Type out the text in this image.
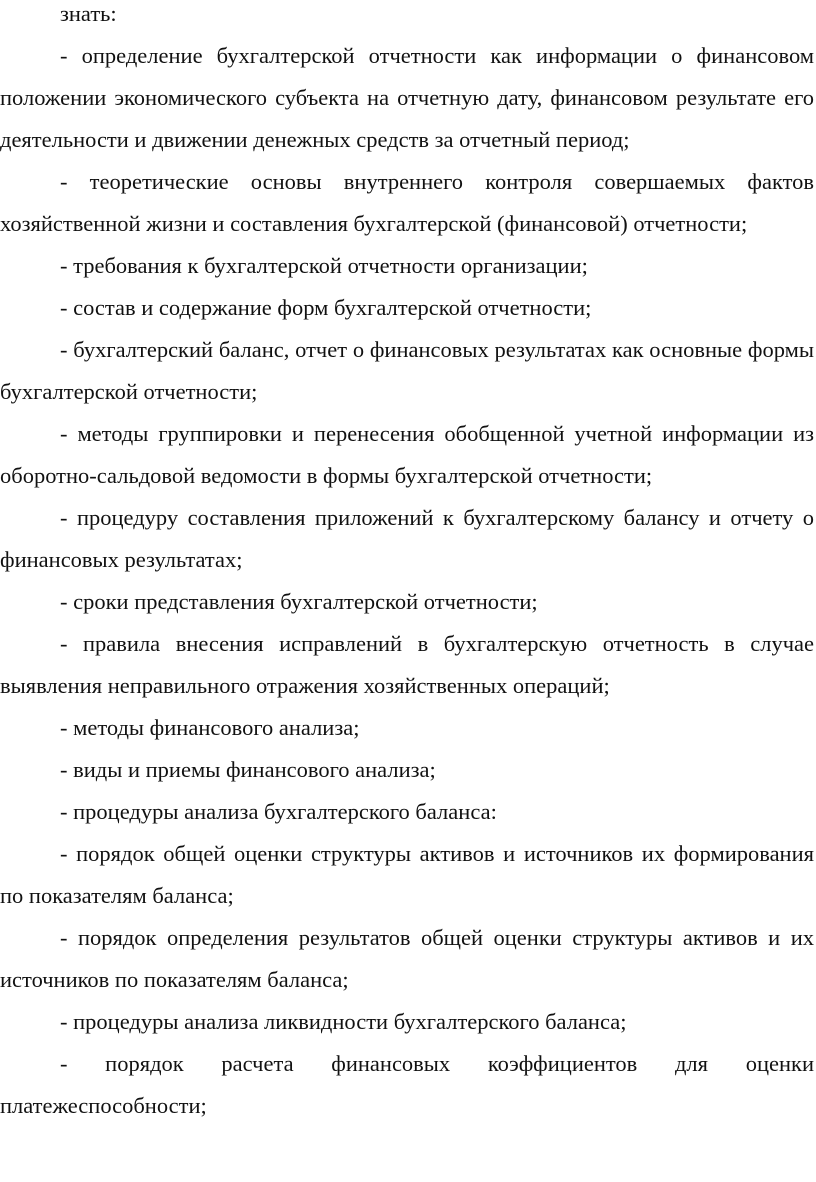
знать:

- определение бухгалтерской отчетности как информации о финансовом положении экономического субъекта на отчетную дату, финансовом результате его деятельности и движении денежных средств за отчетный период;

- теоретические основы внутреннего контроля совершаемых фактов хозяйственной жизни и составления бухгалтерской (финансовой) отчетности;

- требования к бухгалтерской отчетности организации;

- состав и содержание форм бухгалтерской отчетности;

- бухгалтерский баланс, отчет о финансовых результатах как основные формы бухгалтерской отчетности;

- методы группировки и перенесения обобщенной учетной информации из оборотно-сальдовой ведомости в формы бухгалтерской отчетности;

- процедуру составления приложений к бухгалтерскому балансу и отчету о финансовых результатах;

- сроки представления бухгалтерской отчетности;

- правила внесения исправлений в бухгалтерскую отчетность в случае выявления неправильного отражения хозяйственных операций;

- методы финансового анализа;

- виды и приемы финансового анализа;

- процедуры анализа бухгалтерского баланса:

- порядок общей оценки структуры активов и источников их формирования по показателям баланса;

- порядок определения результатов общей оценки структуры активов и их источников по показателям баланса;

- процедуры анализа ликвидности бухгалтерского баланса;

- порядок расчета финансовых коэффициентов для оценки платежеспособности;
